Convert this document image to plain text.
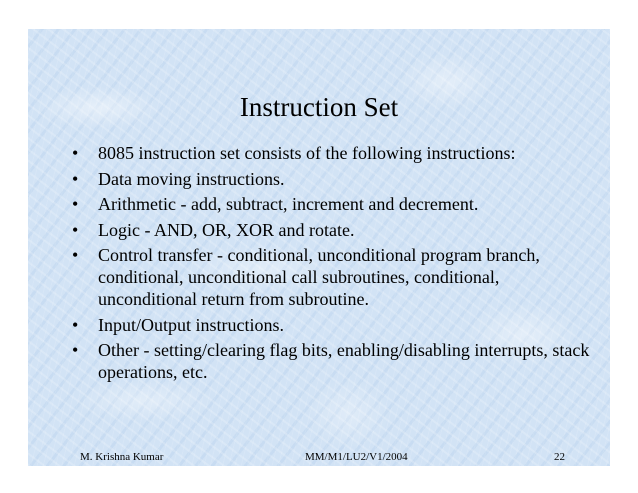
Instruction Set
•	8085 instruction set consists of the following instructions:
•	Data moving instructions.
•	Arithmetic - add, subtract, increment and decrement.
•	Logic - AND, OR, XOR and rotate.
•	Control transfer - conditional, unconditional program branch, conditional, unconditional call subroutines, conditional, unconditional return from subroutine.
•	Input/Output instructions.
•	Other - setting/clearing flag bits, enabling/disabling interrupts, stack operations, etc.
M. Krishna Kumar	MM/M1/LU2/V1/2004	22
